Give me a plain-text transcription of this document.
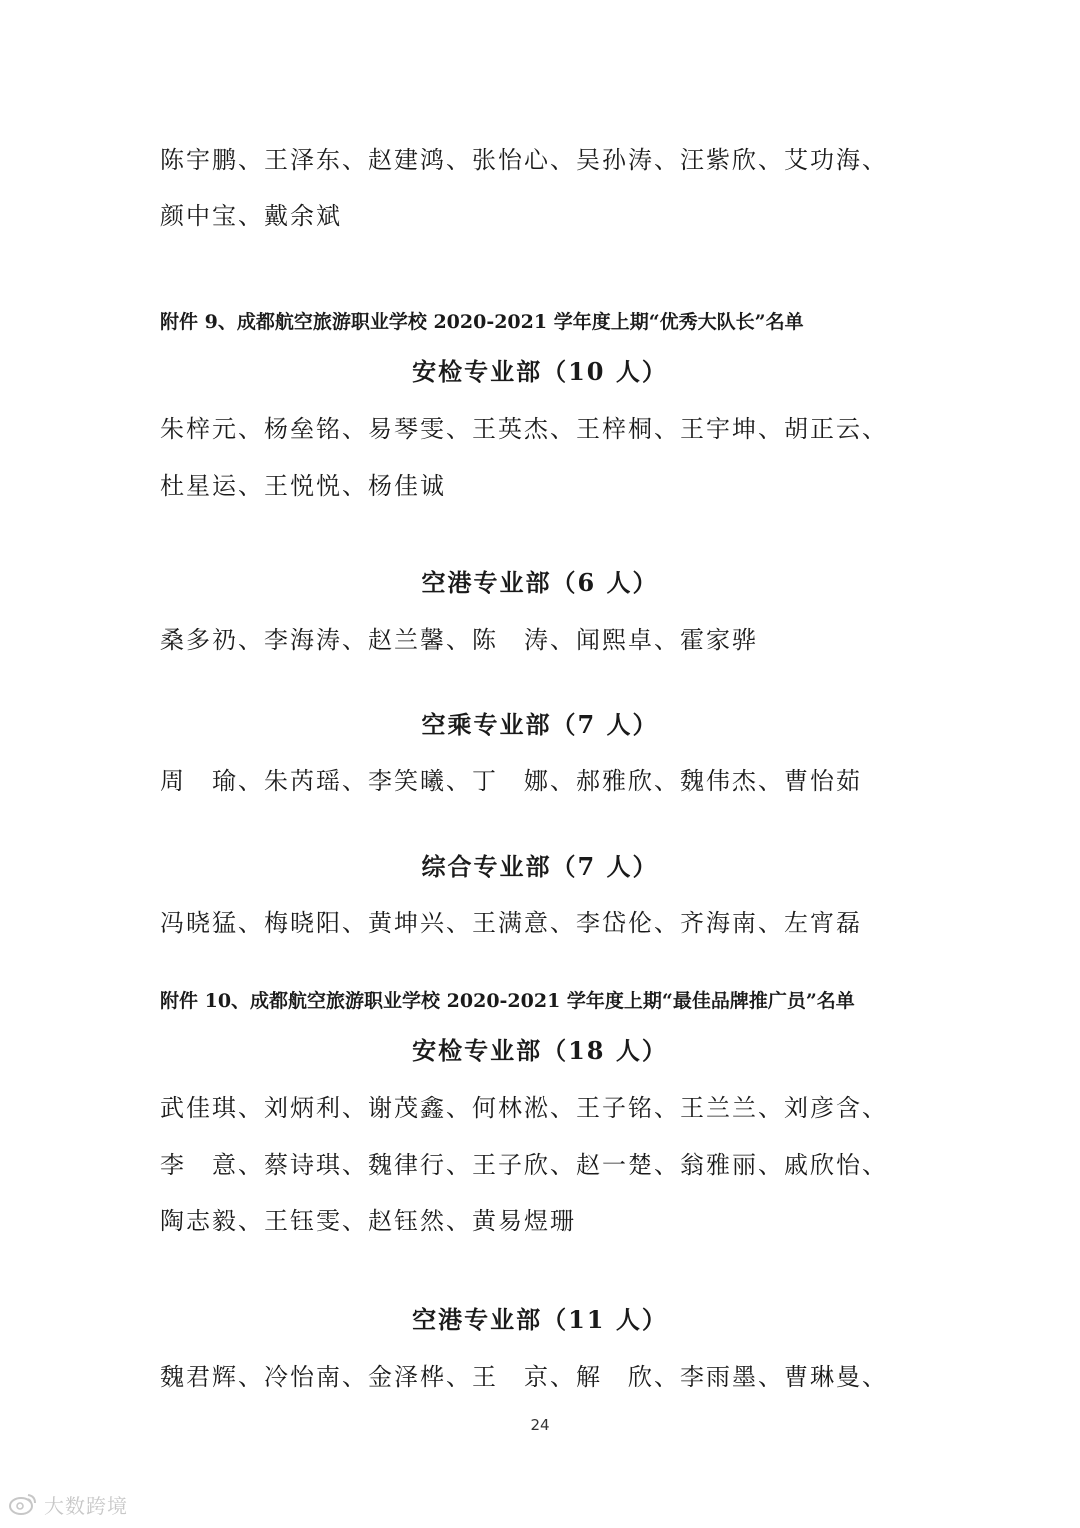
陈宇鹏、王泽东、赵建鸿、张怡心、吴孙涛、汪紫欣、艾功海、

颜中宝、戴余斌

附件 9、成都航空旅游职业学校 2020-2021 学年度上期“优秀大队长”名单
安检专业部（10 人）

朱梓元、杨垒铭、易琴雯、王英杰、王梓桐、王宇坤、胡正云、

杜星运、王悦悦、杨佳诚

空港专业部（6 人）

桑多礽、李海涛、赵兰馨、陈　涛、闻熙卓、霍家骅

空乘专业部（7 人）

周　瑜、朱芮瑶、李笑曦、丁　娜、郝雅欣、魏伟杰、曹怡茹

综合专业部（7 人）

冯晓猛、梅晓阳、黄坤兴、王满意、李岱伦、齐海南、左宵磊

附件 10、成都航空旅游职业学校 2020-2021 学年度上期“最佳品牌推广员”名单
安检专业部（18 人）

武佳琪、刘炳利、谢茂鑫、何林淞、王子铭、王兰兰、刘彦含、

李　意、蔡诗琪、魏律行、王子欣、赵一楚、翁雅丽、戚欣怡、

陶志毅、王钰雯、赵钰然、黄易煜珊

空港专业部（11 人）

魏君辉、冷怡南、金泽桦、王　京、解　欣、李雨墨、曹琳曼、

24
大数跨境
